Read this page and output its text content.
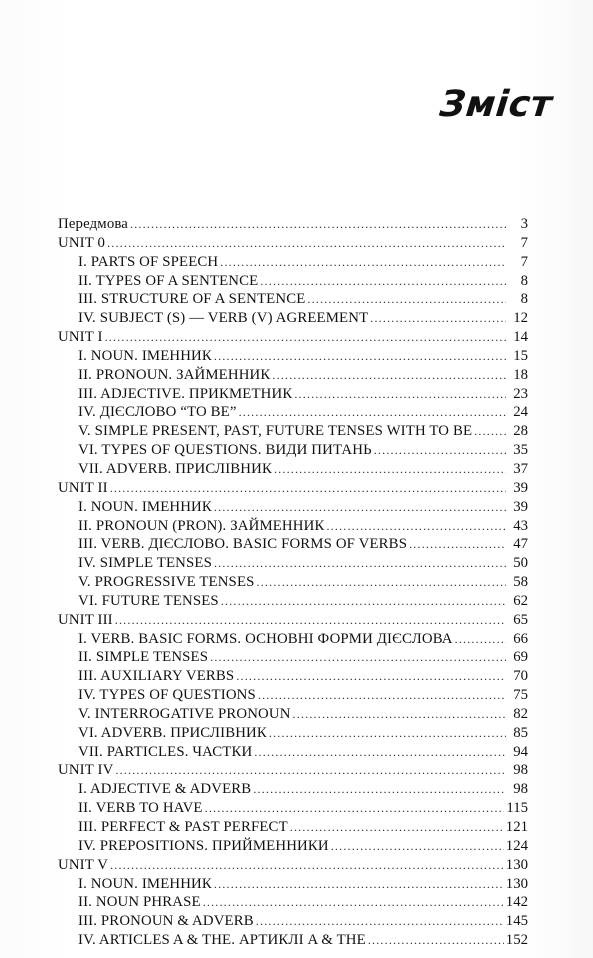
Зміст
Передмова .....	3
UNIT 0 .....	7
I. PARTS OF SPEECH .....	7
II. TYPES OF A SENTENCE .....	8
III. STRUCTURE OF A SENTENCE .....	8
IV. SUBJECT (S) — VERB (V) AGREEMENT .....	12
UNIT I .....	14
I. NOUN. ІМЕННИК .....	15
II. PRONOUN. ЗАЙМЕННИК .....	18
III. ADJECTIVE. ПРИКМЕТНИК .....	23
IV. ДІЄСЛОВО “TO BE” .....	24
V. SIMPLE PRESENT, PAST, FUTURE TENSES WITH TO BE .....	28
VI. TYPES OF QUESTIONS. ВИДИ ПИТАНЬ .....	35
VII. ADVERB. ПРИСЛІВНИК .....	37
UNIT II .....	39
I. NOUN. ІМЕННИК .....	39
II. PRONOUN (PRON). ЗАЙМЕННИК .....	43
III. VERB. ДІЄСЛОВО. BASIC FORMS OF VERBS .....	47
IV. SIMPLE TENSES .....	50
V. PROGRESSIVE TENSES .....	58
VI. FUTURE TENSES .....	62
UNIT III .....	65
I. VERB. BASIC FORMS. ОСНОВНІ ФОРМИ ДІЄСЛОВА .....	66
II. SIMPLE TENSES .....	69
III. AUXILIARY VERBS .....	70
IV. TYPES OF QUESTIONS .....	75
V. INTERROGATIVE PRONOUN .....	82
VI. ADVERB. ПРИСЛІВНИК .....	85
VII. PARTICLES. ЧАСТКИ .....	94
UNIT IV .....	98
I. ADJECTIVE & ADVERB .....	98
II. VERB TO HAVE .....	115
III. PERFECT & PAST PERFECT .....	121
IV. PREPOSITIONS. ПРИЙМЕННИКИ .....	124
UNIT V .....	130
I. NOUN. ІМЕННИК .....	130
II. NOUN PHRASE .....	142
III. PRONOUN & ADVERB .....	145
IV. ARTICLES A & THE. АРТИКЛІ A & THE .....	152
